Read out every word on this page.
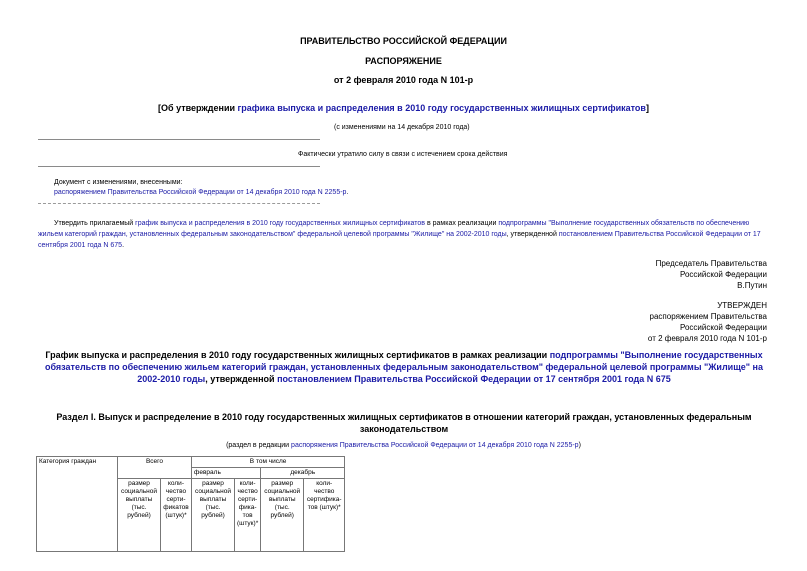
ПРАВИТЕЛЬСТВО РОССИЙСКОЙ ФЕДЕРАЦИИ
РАСПОРЯЖЕНИЕ
от 2 февраля 2010 года N 101-р
[Об утверждении графика выпуска и распределения в 2010 году государственных жилищных сертификатов]
(с изменениями на 14 декабря 2010 года)
Фактически утратило силу в связи с истечением срока действия
Документ с изменениями, внесенными:
распоряжением Правительства Российской Федерации от 14 декабря 2010 года N 2255-р.
Утвердить прилагаемый график выпуска и распределения в 2010 году государственных жилищных сертификатов в рамках реализации подпрограммы "Выполнение государственных обязательств по обеспечению жильем категорий граждан, установленных федеральным законодательством" федеральной целевой программы "Жилище" на 2002-2010 годы, утвержденной постановлением Правительства Российской Федерации от 17 сентября 2001 года N 675.
Председатель Правительства
Российской Федерации
В.Путин
УТВЕРЖДЕН
распоряжением Правительства
Российской Федерации
от 2 февраля 2010 года N 101-р
График выпуска и распределения в 2010 году государственных жилищных сертификатов в рамках реализации подпрограммы "Выполнение государственных обязательств по обеспечению жильем категорий граждан, установленных федеральным законодательством" федеральной целевой программы "Жилище" на 2002-2010 годы, утвержденной постановлением Правительства Российской Федерации от 17 сентября 2001 года N 675
Раздел I. Выпуск и распределение в 2010 году государственных жилищных сертификатов в отношении категорий граждан, установленных федеральным законодательством
(раздел в редакции распоряжения Правительства Российской Федерации от 14 декабря 2010 года N 2255-р)
Категория граждан	Всего		В том числе			
			февраль		декабрь	
	размер социальной выплаты (тыс. рублей)	коли-чество серти-фикатов (штук)*	размер социальной выплаты (тыс. рублей)	коли-чество серти-фика-тов (штук)*	размер социальной выплаты (тыс. рублей)	коли-чество сертифика-тов (штук)*
